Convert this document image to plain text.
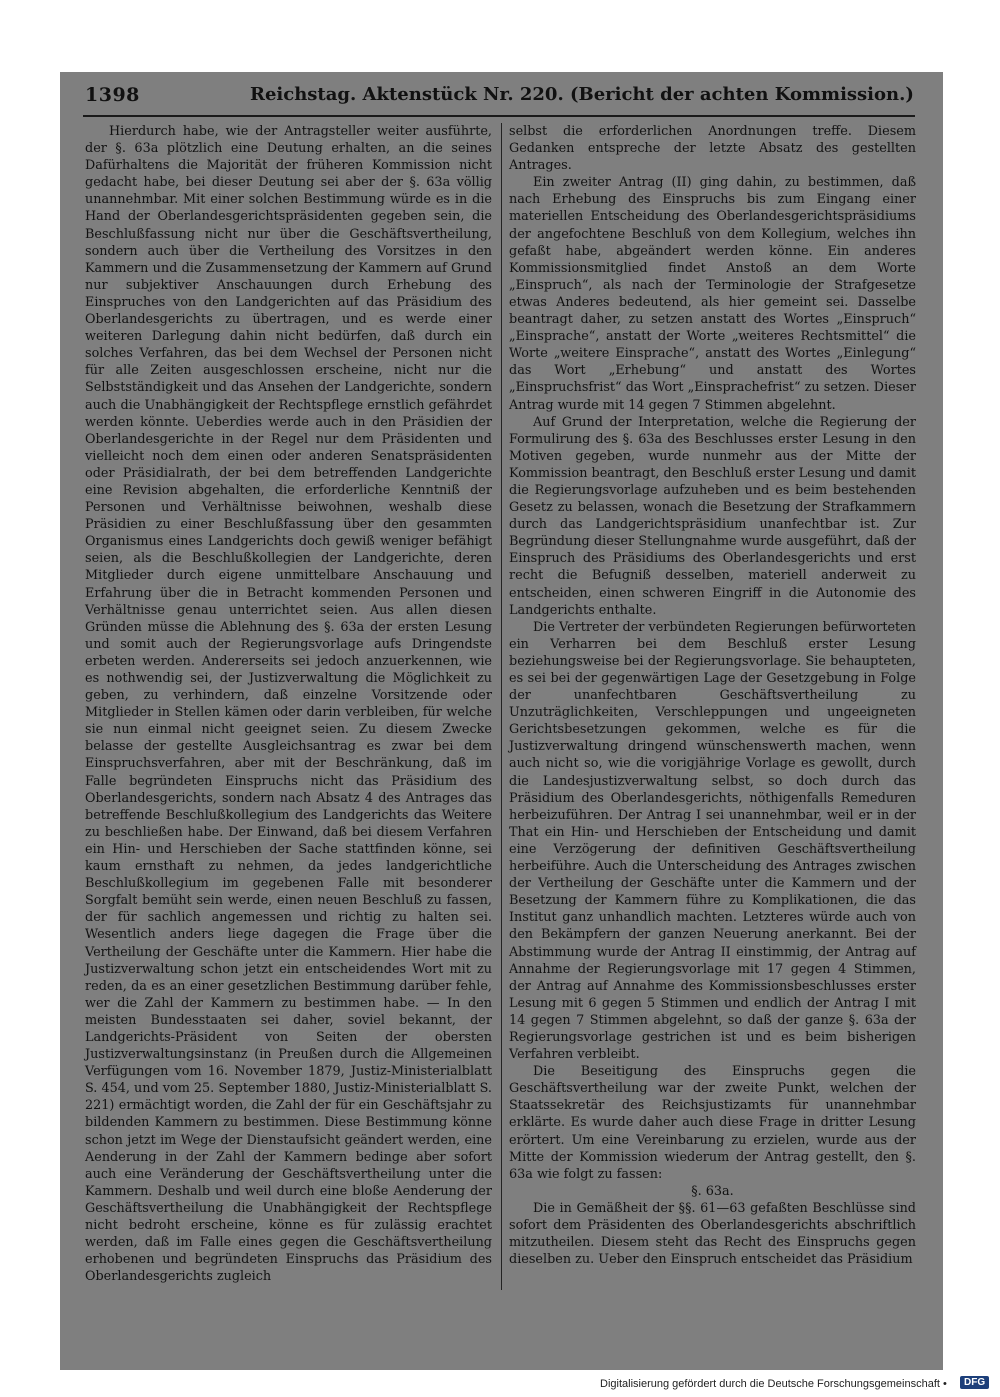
1398	Reichstag. Aktenstück Nr. 220. (Bericht der achten Kommission.)

Hierdurch habe, wie der Antragsteller weiter ausführte, der §. 63a plötzlich eine Deutung erhalten, an die seines Dafürhaltens die Majorität der früheren Kommission nicht gedacht habe, bei dieser Deutung sei aber der §. 63a völlig unannehmbar. Mit einer solchen Bestimmung würde es in die Hand der Oberlandesgerichtspräsidenten gegeben sein, die Beschlußfassung nicht nur über die Geschäftsvertheilung, sondern auch über die Vertheilung des Vorsitzes in den Kammern und die Zusammensetzung der Kammern auf Grund nur subjektiver Anschauungen durch Erhebung des Einspruches von den Landgerichten auf das Präsidium des Oberlandesgerichts zu übertragen, und es werde einer weiteren Darlegung dahin nicht bedürfen, daß durch ein solches Verfahren, das bei dem Wechsel der Personen nicht für alle Zeiten ausgeschlossen erscheine, nicht nur die Selbstständigkeit und das Ansehen der Landgerichte, sondern auch die Unabhängigkeit der Rechtspflege ernstlich gefährdet werden könnte. Ueberdies werde auch in den Präsidien der Oberlandesgerichte in der Regel nur dem Präsidenten und vielleicht noch dem einen oder anderen Senatspräsidenten oder Präsidialrath, der bei dem betreffenden Landgerichte eine Revision abgehalten, die erforderliche Kenntniß der Personen und Verhältnisse beiwohnen, weshalb diese Präsidien zu einer Beschlußfassung über den gesammten Organismus eines Landgerichts doch gewiß weniger befähigt seien, als die Beschlußkollegien der Landgerichte, deren Mitglieder durch eigene unmittelbare Anschauung und Erfahrung über die in Betracht kommenden Personen und Verhältnisse genau unterrichtet seien. Aus allen diesen Gründen müsse die Ablehnung des §. 63a der ersten Lesung und somit auch der Regierungsvorlage aufs Dringendste erbeten werden. Andererseits sei jedoch anzuerkennen, wie es nothwendig sei, der Justizverwaltung die Möglichkeit zu geben, zu verhindern, daß einzelne Vorsitzende oder Mitglieder in Stellen kämen oder darin verbleiben, für welche sie nun einmal nicht geeignet seien. Zu diesem Zwecke belasse der gestellte Ausgleichsantrag es zwar bei dem Einspruchsverfahren, aber mit der Beschränkung, daß im Falle begründeten Einspruchs nicht das Präsidium des Oberlandesgerichts, sondern nach Absatz 4 des Antrages das betreffende Beschlußkollegium des Landgerichts das Weitere zu beschließen habe. Der Einwand, daß bei diesem Verfahren ein Hin- und Herschieben der Sache stattfinden könne, sei kaum ernsthaft zu nehmen, da jedes landgerichtliche Beschlußkollegium im gegebenen Falle mit besonderer Sorgfalt bemüht sein werde, einen neuen Beschluß zu fassen, der für sachlich angemessen und richtig zu halten sei. Wesentlich anders liege dagegen die Frage über die Vertheilung der Geschäfte unter die Kammern. Hier habe die Justizverwaltung schon jetzt ein entscheidendes Wort mit zu reden, da es an einer gesetzlichen Bestimmung darüber fehle, wer die Zahl der Kammern zu bestimmen habe. — In den meisten Bundesstaaten sei daher, soviel bekannt, der Landgerichts-Präsident von Seiten der obersten Justizverwaltungsinstanz (in Preußen durch die Allgemeinen Verfügungen vom 16. November 1879, Justiz-Ministerialblatt S. 454, und vom 25. September 1880, Justiz-Ministerialblatt S. 221) ermächtigt worden, die Zahl der für ein Geschäftsjahr zu bildenden Kammern zu bestimmen. Diese Bestimmung könne schon jetzt im Wege der Dienstaufsicht geändert werden, eine Aenderung in der Zahl der Kammern bedinge aber sofort auch eine Veränderung der Geschäftsvertheilung unter die Kammern. Deshalb und weil durch eine bloße Aenderung der Geschäftsvertheilung die Unabhängigkeit der Rechtspflege nicht bedroht erscheine, könne es für zulässig erachtet werden, daß im Falle eines gegen die Geschäftsvertheilung erhobenen und begründeten Einspruchs das Präsidium des Oberlandesgerichts zugleich

selbst die erforderlichen Anordnungen treffe. Diesem Gedanken entspreche der letzte Absatz des gestellten Antrages.

Ein zweiter Antrag (II) ging dahin, zu bestimmen, daß nach Erhebung des Einspruchs bis zum Eingang einer materiellen Entscheidung des Oberlandesgerichtspräsidiums der angefochtene Beschluß von dem Kollegium, welches ihn gefaßt habe, abgeändert werden könne. Ein anderes Kommissionsmitglied findet Anstoß an dem Worte „Einspruch“, als nach der Terminologie der Strafgesetze etwas Anderes bedeutend, als hier gemeint sei. Dasselbe beantragt daher, zu setzen anstatt des Wortes „Einspruch“ „Einsprache“, anstatt der Worte „weiteres Rechtsmittel“ die Worte „weitere Einsprache“, anstatt des Wortes „Einlegung“ das Wort „Erhebung“ und anstatt des Wortes „Einspruchsfrist“ das Wort „Einsprachefrist“ zu setzen. Dieser Antrag wurde mit 14 gegen 7 Stimmen abgelehnt.

Auf Grund der Interpretation, welche die Regierung der Formulirung des §. 63a des Beschlusses erster Lesung in den Motiven gegeben, wurde nunmehr aus der Mitte der Kommission beantragt, den Beschluß erster Lesung und damit die Regierungsvorlage aufzuheben und es beim bestehenden Gesetz zu belassen, wonach die Besetzung der Strafkammern durch das Landgerichtspräsidium unanfechtbar ist. Zur Begründung dieser Stellungnahme wurde ausgeführt, daß der Einspruch des Präsidiums des Oberlandesgerichts und erst recht die Befugniß desselben, materiell anderweit zu entscheiden, einen schweren Eingriff in die Autonomie des Landgerichts enthalte.

Die Vertreter der verbündeten Regierungen befürworteten ein Verharren bei dem Beschluß erster Lesung beziehungsweise bei der Regierungsvorlage. Sie behaupteten, es sei bei der gegenwärtigen Lage der Gesetzgebung in Folge der unanfechtbaren Geschäftsvertheilung zu Unzuträglichkeiten, Verschleppungen und ungeeigneten Gerichtsbesetzungen gekommen, welche es für die Justizverwaltung dringend wünschenswerth machen, wenn auch nicht so, wie die vorigjährige Vorlage es gewollt, durch die Landesjustizverwaltung selbst, so doch durch das Präsidium des Oberlandesgerichts, nöthigenfalls Remeduren herbeizuführen. Der Antrag I sei unannehmbar, weil er in der That ein Hin- und Herschieben der Entscheidung und damit eine Verzögerung der definitiven Geschäftsvertheilung herbeiführe. Auch die Unterscheidung des Antrages zwischen der Vertheilung der Geschäfte unter die Kammern und der Besetzung der Kammern führe zu Komplikationen, die das Institut ganz unhandlich machten. Letzteres würde auch von den Bekämpfern der ganzen Neuerung anerkannt. Bei der Abstimmung wurde der Antrag II einstimmig, der Antrag auf Annahme der Regierungsvorlage mit 17 gegen 4 Stimmen, der Antrag auf Annahme des Kommissionsbeschlusses erster Lesung mit 6 gegen 5 Stimmen und endlich der Antrag I mit 14 gegen 7 Stimmen abgelehnt, so daß der ganze §. 63a der Regierungsvorlage gestrichen ist und es beim bisherigen Verfahren verbleibt.

Die Beseitigung des Einspruchs gegen die Geschäftsvertheilung war der zweite Punkt, welchen der Staatssekretär des Reichsjustizamts für unannehmbar erklärte. Es wurde daher auch diese Frage in dritter Lesung erörtert. Um eine Vereinbarung zu erzielen, wurde aus der Mitte der Kommission wiederum der Antrag gestellt, den §. 63a wie folgt zu fassen:

§. 63a.

Die in Gemäßheit der §§. 61—63 gefaßten Beschlüsse sind sofort dem Präsidenten des Oberlandesgerichts abschriftlich mitzutheilen. Diesem steht das Recht des Einspruchs gegen dieselben zu. Ueber den Einspruch entscheidet das Präsidium

Digitalisierung gefördert durch die Deutsche Forschungsgemeinschaft •	DFG
